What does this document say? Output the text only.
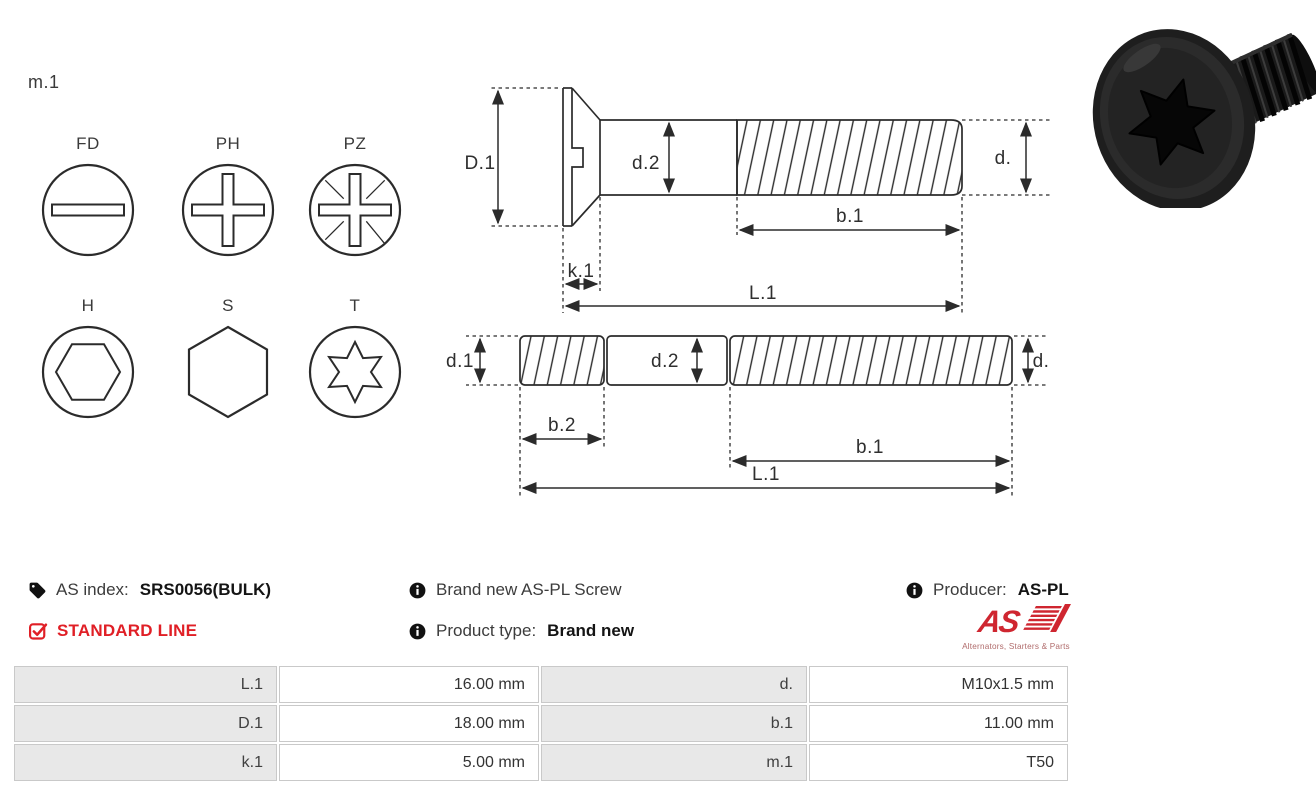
m.1
FD	PH	PZ
H	S	T
D.1	d.2	d.
b.1
k.1
L.1
d.1	d.2	d.
b.2
b.1
L.1
AS index: SRS0056(BULK)
STANDARD LINE
Brand new AS-PL Screw
Product type: Brand new
Producer: AS-PL
AS
Alternators, Starters & Parts
L.1	16.00 mm	d.	M10x1.5 mm
D.1	18.00 mm	b.1	11.00 mm
k.1	5.00 mm	m.1	T50
